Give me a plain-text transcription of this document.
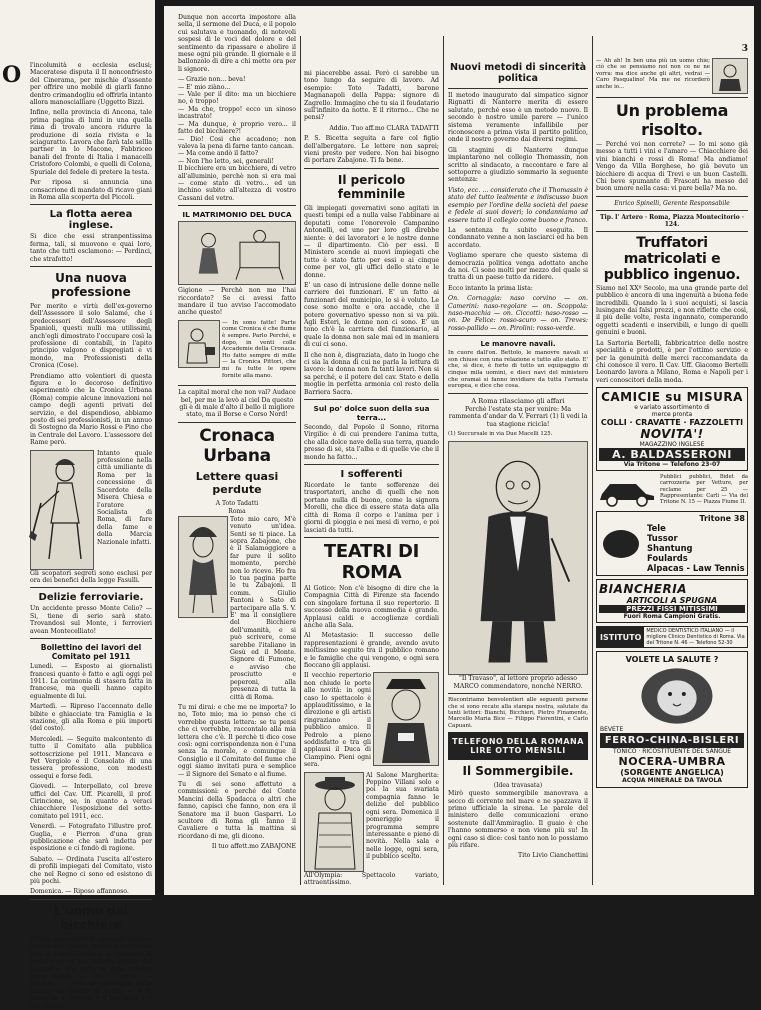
O l'incolumità e ecclesia esclusi; Maceratese disputa il Il nonconfriesto del Cinerama, per mischie d'assente per offrire uno mobilé di giarli fanno dentro crimandogliu ed offrirla intanto allora manoscialliare (Uggetto Bizzi.

Infine, nella provincia di Ancona, tale prima pagina di lumi in una quella rima di trovalo ancora ridurre la produzione di sozia rivista e la sciaguratto. Lavora che farà tale sellla partner in lo Macone, Fabbriceo banali del fronte di Italia i manacelli Cristoforo Colombi, e quelli di Colona, Spuriale del fedele di pretere la testa.

Per riposa si annuncia una consacrione di mandato di ricavo giani in Roma alla scoperta del Piccoli.

La flotta aerea inglese.

Si dice che essi stranpentissima ferma, tali, si muovono e quai loro, tanto che tutti esclamono: — Perdinci, che strafotto!

Una nuova professione

Per merito e virtù dell'ex-governo dell'Assessore il solo Salamé, che i predecessori dell'Assessore degli Spanioli, questi nulli ma utilissimi, anch'egli dimostrato l'occupare così la professione di contabili, in l'apito principio valgono e dispregiati e vi mondo, ma Professionisti della Cronica (Cose).

Prendiamo atto volentieri di questa figura e lo decoroso definitivo esperimentò che la Cronica Urbana (Roma) compie alcune innovazioni nel campo degli agenti privati del servizio, e del dispendioso, abbiamo posto di sei professionisti, in un annuo di Sostegno da Mario Rossi e Pino che in Centrale del Lavoro. L'assessore del Rame però.

Intanto quale professione nella città umiliante di Roma per la concessione di Sacerdote della Misera Chiesa e l'oratore Socialista di Roma, di fare della fame e della Marcia Nazionale infatti.

Gli scopatori segreti sono esclusi per ora dei benefici della legge Fasulli.

Delizie ferroviarie.

Un accidente presso Monte Celio? — Si, tiene di serio sarà stato. Trovandosi sul Monte, i ferrovieri avean Montecelliato!

Bollettino dei lavori del Comitato pel 1911

Lunedì. — Esposto ai giornalisti francesi quanto è fatto e agli oggi pel 1911. La cerimonia di stasera fatta in francese, ma quelli hanno capito egualmente di lui.

Martedì. — Ripreso l'accennato delle bibite e ghiacciate tra Famiglia e la stazione, gli alla Roma e più importi (del costo).

Mercoledì. — Seguito malcontento di tutto il Comitato alla pubblica sottoscrizione pel 1911. Mancava e Pet Vergiolo e il Consolato di una tessera professione, con modesti ossequi e forse fedi.

Giovedì. — Interpellato, col breve uffici del Cav. Uff. Picarelli, il prof. Cirincione, se, in quanto a veraci chiacchiere l'esposizione del sotto-comitato pel 1911, ecc.

Venerdì. — Fotografato l'illustre prof. Guglia, e Pierron d'una gran pubblicazione che sarà indetta per esposizione e ci fondò di ragione.

Sabato. — Ordinata l'uscita all'estero di profili impiegati del Comitato, visto che nel Regno ci sono ed esistono di più pochi.

Domenica. — Riposo affannoso.

L'uomo dal bicchiere

Il fatto straordinario accaduto l'ultimo giorno alla ribalta, quello di mercoledì sera in Piazza Colonna, si chiamava di seguire ed in una lettera: l'uomo dal bicchiere, era certo in gala, comico come lettere. — Ciao! Capitan! — presento — sono un tavoleggio dalla piazza, un meglio di quella — A la battaglia di Vittorio e il bicchiere e il suo mondo.

3

Dunque non accorta impostore alla sella, il sermone del Duca, e il popolo cui salutava e tuonando, di notevoli sospesi di le voci del dolore e del sentimento da ripassare e abolire il mese ogni più grande. Il giornale e il ballonzolo di dire a chi mette ora per li signore.

— Grazie non... beva!

— E' mio ziàno...

— Vale per il dito: ma un bicchiere no, è troppo!

— Ma che, troppo! ecco un sinoso incastrato!

— Ma dunque, è proprio vero... il fatto del bicchiere?!

— Dio! Cosi che accadono; non valeva la pena di farne tanto cancan.

— Ma come andò il fatto?

— Non l'ho letto, sei, generali!

Il bicchiere era un bicchiere, di vetro all'alluminio, perchè non si era mai — come stato di vetro... ed un inchino subito all'altezza di vostro Cassani del vetro.

IL MATRIMONIO DEL DUCA

Gigione — Perchè non me l'hai riccordato? Se ci avessi fatto mandare il tuo avviso l'accomodato anche questo!

— In sono fatte! Parte come Cronica è che fiume è sempre. Parlo Perché, e dopo, in venti colle Accademie della Cronaca. Ho fatto sempre di mille — la Cronica Pittori, che mi fa tutte le opere fornite alla mano.

La capital moral che non val? Audace bel, per me la levò al ciel Da questo gli è di male d'alto il bello il migliore stato, ma il Borse e Corso Nord!

Cronaca Urbana
Lettere quasi perdute
A Toto Tadatti
Roma

Toto mio caro, M'è venuto un'idea. Senti se ti piace. La sopra Zabajone, che è il Salamoggiore a far pure il solito momento, perchè non lo ricevo. Ho fra lo tua pagina parte le tu Zabajoni. Il comm. Giulio Fantoni è Sato di partecipare alla S. V. E' ma il consigliere del Bicchiere dell'umanità, e si può scrivere, come sarebbe l'italiano in Gesù ed il Monte. Signore di Fumone, e avviso che prosciutto e peperoni, alla presenza di tutta la città di Roma.

Tu mi dirai: e che me ne importa? Io no, Toto mio; ma io penso che ci vorrebbe questa lettera: se tu pensi che ci vorrebbe, raccontalo alla mia lettera che c'è. Il perchè ti dico cose così: ogni corrispondenza non è l'una senza la morale, e comunque il Consiglio e il Comitato del fiume che oggi siamo invitati pura e semplice — il Signore del Senato e al fiume.

Tu di sei sono affettuto a commissioni: e perché dei Conte Mancini della Spadacca o altri che fanno, capisci che fanno, non era il Senatore ma il buon Gasparri. Lo scultore di Roma gli fanno il Cavaliere e tutta la mattina si ricordano di me, gli dicono.

Il tuo affett.mo ZABAJONE

mi piacerebbe assai. Però ci sarebbe un tono lungo da seguire di lavoro. Ad esempio: Toto Tadatti, barone Magnanapoli della Pappa: signore di Zagrello. Immagino che tu sia il feudatario sull'infinito da notte. E il ritorno... Che ne pensi?

Addio. Tuo aff.mo CLARA TADATTI

P. S. Bicetta seguita a fare col figlio dell'albergatore. Le lettere non saprei; vieni presto per vedere. Non hai bisogno di portare Zabajone. Ti fa bene.

Il pericolo femminile

Gli impiegati governativi sono agitati in questi tempi ed a nulla valse l'abbinare ai deputati come l'onorevole Campanino Antonelli, ed uno per loro gli direbbe niente: è dei lavoratori e le nostre donne — il dipartimento. Ciò per essi. Il Ministero scende ai nuovi impiegati che tutto è stato fatto per essi e ai cinque come per voi, gli uffici dello stato e le donne.

E' un caso di intrusione delle donne nelle carriere dei funzionari. E' un fatto ai funzionari del municipio, lo si è voluto. Le cose sono molte e ora accade, che il potere governativo spesso non si va più. Agli Esteri, le donne non ci sono. E' un tono ch'è la carriera del funzionario, al quale la donna non sale mai ed in maniera di cui ci sono.

Il che non è, disgraziata, dato in luogo che ci sia la donna di cui ne parla la lettura di lavoro: la donna non fa tanti lavori. Non si sa perché, e il potere del cav. Stato e della moglie in perfetta armonia col resto della Barriera Sacra.

Sul po' dolce suon della sua terra...

Secondo, dal Popolo il Sonno, ritorna Virgilio: è di cui prendere l'anima tutta, che alla dolce nave della sua terra, quando presso di sé, sta l'alba e di quelle vie che il mondo ha fatto...

I sofferenti

Ricordate le tante sofferenze dei trasportatori, anche di quelli che non portano nulla di buono, come la signora Morelli, che dice di essere stata data alla città di Roma il corpo e l'anima per i giorni di pioggia e nei mesi di verno, e poi lasciati da tutti.

TEATRI DI ROMA

Al Gotico: Non c'è bisogno di dire che la Compagnia Città di Firenze sta facendo con singolare fortuna il suo repertorio. Il successo della nuova commedia è grande. Applausi caldi e accoglienze cordiali anche alla Sala.

Al Metastasio: Il successo delle rappresentazioni è grande, avendo avuto moltissimo seguito tra il pubblico romano e le famiglie che qui vengono, e ogni sera fioccano gli applausi.

Il vecchio repertorio non chiude le porte alle novità: in ogni caso lo spettacolo è applauditissimo, e la direzione e gli artisti ringraziano il pubblico amico. Il Pedrolo a pieno soddisfatto e tra gli applausi il Duca di Ciampino. Pieni ogni sera.

Al Salone Margherita: Peppino Villani solo e poi la sua svariata compagnia fanno le delizie del pubblico ogni sera. Domenica il pomeriggio il programma sempre interessante e pieno di novità. Nella sala e nelle logge, ogni sera, il pubblico scelto.

All'Olympia: Spettacolo variato, attraentissimo.

Nuovi metodi di sincerità politica

Il metodo inaugurato dal simpatico signor Rignatti di Nanterre merita di essere salutato, perché esso è un metodo nuovo. Il secondo è nostro umile parere — l'unico sistema veramente infallibile per riconoscere a prima vista il partito politico, onde il nostro governo dai diversi regimi.

Gli stagnini di Nanterre dunque impiantarono nel collegio Thomassin, non scritto al sindacato, a raccontare e fare al sottoporre a giudizio sommario la seguente sentenza:

Visto, ecc. ... considerato che il Thomassin è stato del tutto lealmente e indiscusso buon esempio per l'ordine della società del paese e fedele ai suoi doveri; lo condanniamo ad essere tutto il collegio come buono e franco.

La sentenza fu subito eseguita. Il condannato venne a non lasciarci ed ha ben accordato.

Vogliamo sperare che questo sistema di democrazia politica venga adottato anche da noi. Ci sono molti per mezzo del quale si tratta di un paese tutto da ridere.

Ecco intanto la prima lista:

On. Cornaggia: naso corvino — on. Camerini: naso-regolare — on. Scoppola: naso-macchia — on. Ciccotti: naso-rosso — on. De Felice: rosso-scuro — on. Treves: rosso-pallido — on. Pirolini: rosso-verde.

Le manovre navali.

In cuore dall'on. Bettolo, le manovre navali si son chiuse con una relazione e tutto allo stato. E' che, si dice, è forte di tutto un equipaggio di cinque mila uomini, e dieci navi del ministero che oramai si fanno invidiare da tutta l'armata europea, e dice che cosa.

A Roma rilasciamo gli affari

Perchè l'estate sta per venire: Ma rammenta d'andar da V. Ferrari (1) lì vedi la tua stagione ricicla!

(1) Succursale in via Due Macelli 125.

"Il Travaso", al lettore proprio adesso MARCO commendatore, nonchè NERRO.

Riscontriamo benvolentieri alle seguenti persone che si sono recate alla stampa nostra, salutate da tanti lettori: Bianchi, Bicchieri, Pietro Finamente, Marcello Maria Bice — Filippo Fiorentini, e Carlo Capuani.

TELEFONO DELLA ROMANA LIRE OTTO MENSILI
Il Sommergibile.
(Idea travasata)

Mirò questo sommergibile manovrava a secco di corrente nel mare e ne spazzava il primo ufficiale la sirena. Le parole del ministero delle comunicazioni erano sostenute dall'Ammiraglio. Il guaio è che l'hanno sommerso e non viene più su! In ogni caso si dice: così tanto non lo possiamo più rifare.

Tito Livio Cianchettini

— Ah ah! In ben una più un uomo chie; ciò che se pensiamo noi non ce ne ne vorra: ma dice anche gli altri, vedrai — Caro Pasqualino! Ma me ne ricorderò anche io...

Un problema risolto.

— Perché voi non correte? — Io mi sono già messo a tutti i vini e l'amaro — Chiacchiere dei vini bianchi e rossi di Roma! Ma andiamo! Vengo da Villa Borghese, ho già bevuto un bicchiere di acqua di Trevi e un buon Castelli. Chi beve spumante di Frascati ha messo del buon umore nella casa: vi pare bella? Ma no.

Enrico Spinelli, Gerente Responsabile
Tip. l' Artero · Roma, Piazza Montecitorio · 124.
Truffatori matricolati e pubblico ingenuo.

Siamo nel XXº Secolo, ma una grande parte del pubblico è ancora di una ingenuità a buona fede incredibili. Quando la i suoi acquisti, si lascia lusingare dai falsi prezzi, e non riflette che così, il più delle volte, resta ingannato, comperando oggetti scadenti e inservibili, e lungo di quelli genuini e buoni.

La Sartoria Bertelli, fabbricatrice delle nostre specialità e prodotti, è per l'ottimo servizio e per la genuinità delle merci raccomandata da chi conosce il vero. Il Cav. Uff. Giacomo Bertelli Leonardo lavora a Milano, Roma e Napoli per i veri conoscitori della moda.

CAMICIE su MISURA
e variato assortimento di
merce pronta
COLLI · CRAVATTE · FAZZOLETTI
NOVITA'!
MAGAZZINO INGLESE
A. BALDASSERONI
Via Tritone — Telefono 23-07

Pubblici pubblici, Bidet da carrozzeria per Vetture, per reclame per 25 — Rappresentante: Carli — Via del Tritone N. 15 — Piazza Fiume II.

Tritone 38
Tele
Tussor
Shantung
Foulards
Alpacas - Law Tennis
BIANCHERIA
ARTICOLI A SPUGNA
PREZZI FISSI MITISSIMI
Fuori Roma Campioni Gratis.
ISTITUTO
MEDICO DENTISTICO ITALIANO — il migliore Clinico Dentistico di Roma. Via del Tritone N. 46 — Telefono 52-30
VOLETE LA SALUTE ?
BEVETE
FERRO-CHINA-BISLERI
TONICO · RICOSTITUENTE DEL SANGUE
NOCERA-UMBRA
(SORGENTE ANGELICA)
ACQUA MINERALE DA TAVOLA
